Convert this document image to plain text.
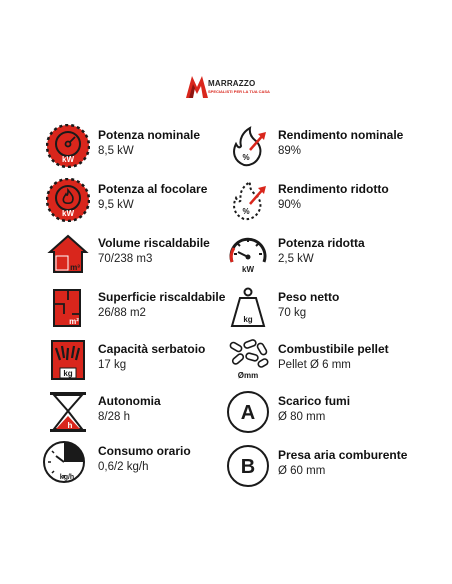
MARRAZZO
SPECIALISTI PER LA TUA CASA
kW
Potenza nominale
8,5 kW
kW
Potenza al focolare
9,5 kW
m³
Volume riscaldabile
70/238 m3
m²
Superficie riscaldabile
26/88 m2
kg
Capacità serbatoio
17 kg
h
Autonomia
8/28 h
kg/h
Consumo orario
0,6/2 kg/h
%
Rendimento nominale
89%
%
Rendimento ridotto
90%
kW
Potenza ridotta
2,5 kW
kg
Peso netto
70 kg
Ømm
Combustibile pellet
Pellet Ø 6 mm
A
Scarico fumi
Ø 80 mm
B
Presa aria comburente
Ø 60 mm
